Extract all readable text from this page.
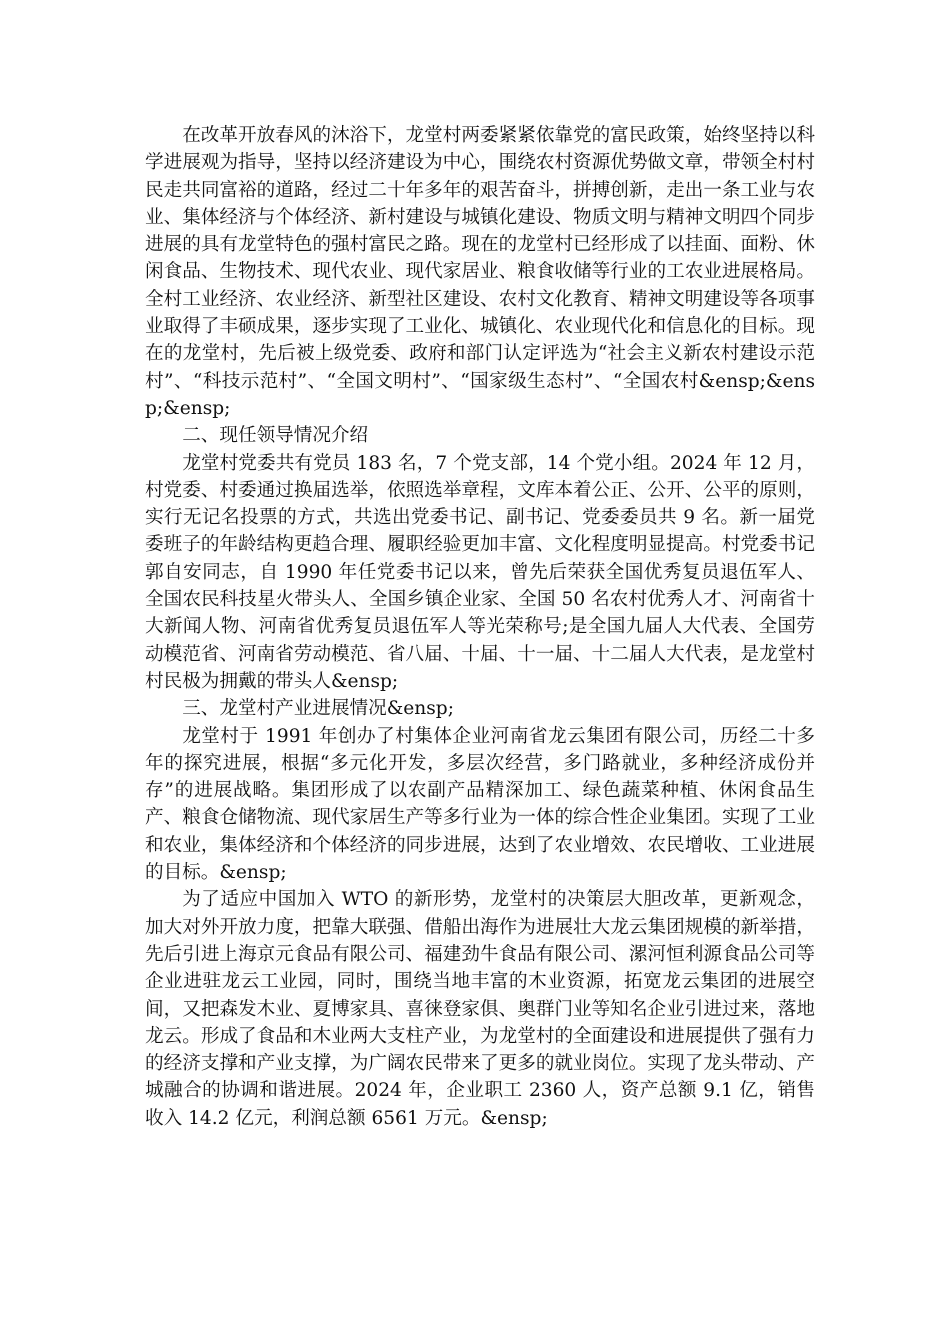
在改革开放春风的沐浴下，龙堂村两委紧紧依靠党的富民政策，始终坚持以科学进展观为指导，坚持以经济建设为中心，围绕农村资源优势做文章，带领全村村民走共同富裕的道路，经过二十年多年的艰苦奋斗，拼搏创新，走出一条工业与农业、集体经济与个体经济、新村建设与城镇化建设、物质文明与精神文明四个同步进展的具有龙堂特色的强村富民之路。现在的龙堂村已经形成了以挂面、面粉、休闲食品、生物技术、现代农业、现代家居业、粮食收储等行业的工农业进展格局。全村工业经济、农业经济、新型社区建设、农村文化教育、精神文明建设等各项事业取得了丰硕成果，逐步实现了工业化、城镇化、农业现代化和信息化的目标。现在的龙堂村，先后被上级党委、政府和部门认定评选为“社会主义新农村建设示范村”、“科技示范村”、“全国文明村”、“国家级生态村”、“全国农村&ensp;&ensp;&ensp;

二、现任领导情况介绍

龙堂村党委共有党员 183 名，7 个党支部，14 个党小组。2024 年 12 月，村党委、村委通过换届选举，依照选举章程，文库本着公正、公开、公平的原则，实行无记名投票的方式，共选出党委书记、副书记、党委委员共 9 名。新一届党委班子的年龄结构更趋合理、履职经验更加丰富、文化程度明显提高。村党委书记郭自安同志，自 1990 年任党委书记以来，曾先后荣获全国优秀复员退伍军人、全国农民科技星火带头人、全国乡镇企业家、全国 50 名农村优秀人才、河南省十大新闻人物、河南省优秀复员退伍军人等光荣称号;是全国九届人大代表、全国劳动模范省、河南省劳动模范、省八届、十届、十一届、十二届人大代表，是龙堂村村民极为拥戴的带头人&ensp;

三、龙堂村产业进展情况&ensp;

龙堂村于 1991 年创办了村集体企业河南省龙云集团有限公司，历经二十多年的探究进展，根据“多元化开发，多层次经营，多门路就业，多种经济成份并存”的进展战略。集团形成了以农副产品精深加工、绿色蔬菜种植、休闲食品生产、粮食仓储物流、现代家居生产等多行业为一体的综合性企业集团。实现了工业和农业，集体经济和个体经济的同步进展，达到了农业增效、农民增收、工业进展的目标。&ensp;

为了适应中国加入 WTO 的新形势，龙堂村的决策层大胆改革，更新观念，加大对外开放力度，把靠大联强、借船出海作为进展壮大龙云集团规模的新举措，先后引进上海京元食品有限公司、福建劲牛食品有限公司、漯河恒利源食品公司等企业进驻龙云工业园，同时，围绕当地丰富的木业资源，拓宽龙云集团的进展空间，又把森发木业、夏博家具、喜徕登家俱、奥群门业等知名企业引进过来，落地龙云。形成了食品和木业两大支柱产业，为龙堂村的全面建设和进展提供了强有力的经济支撑和产业支撑，为广阔农民带来了更多的就业岗位。实现了龙头带动、产城融合的协调和谐进展。2024 年，企业职工 2360 人，资产总额 9.1 亿，销售收入 14.2 亿元，利润总额 6561 万元。&ensp;
